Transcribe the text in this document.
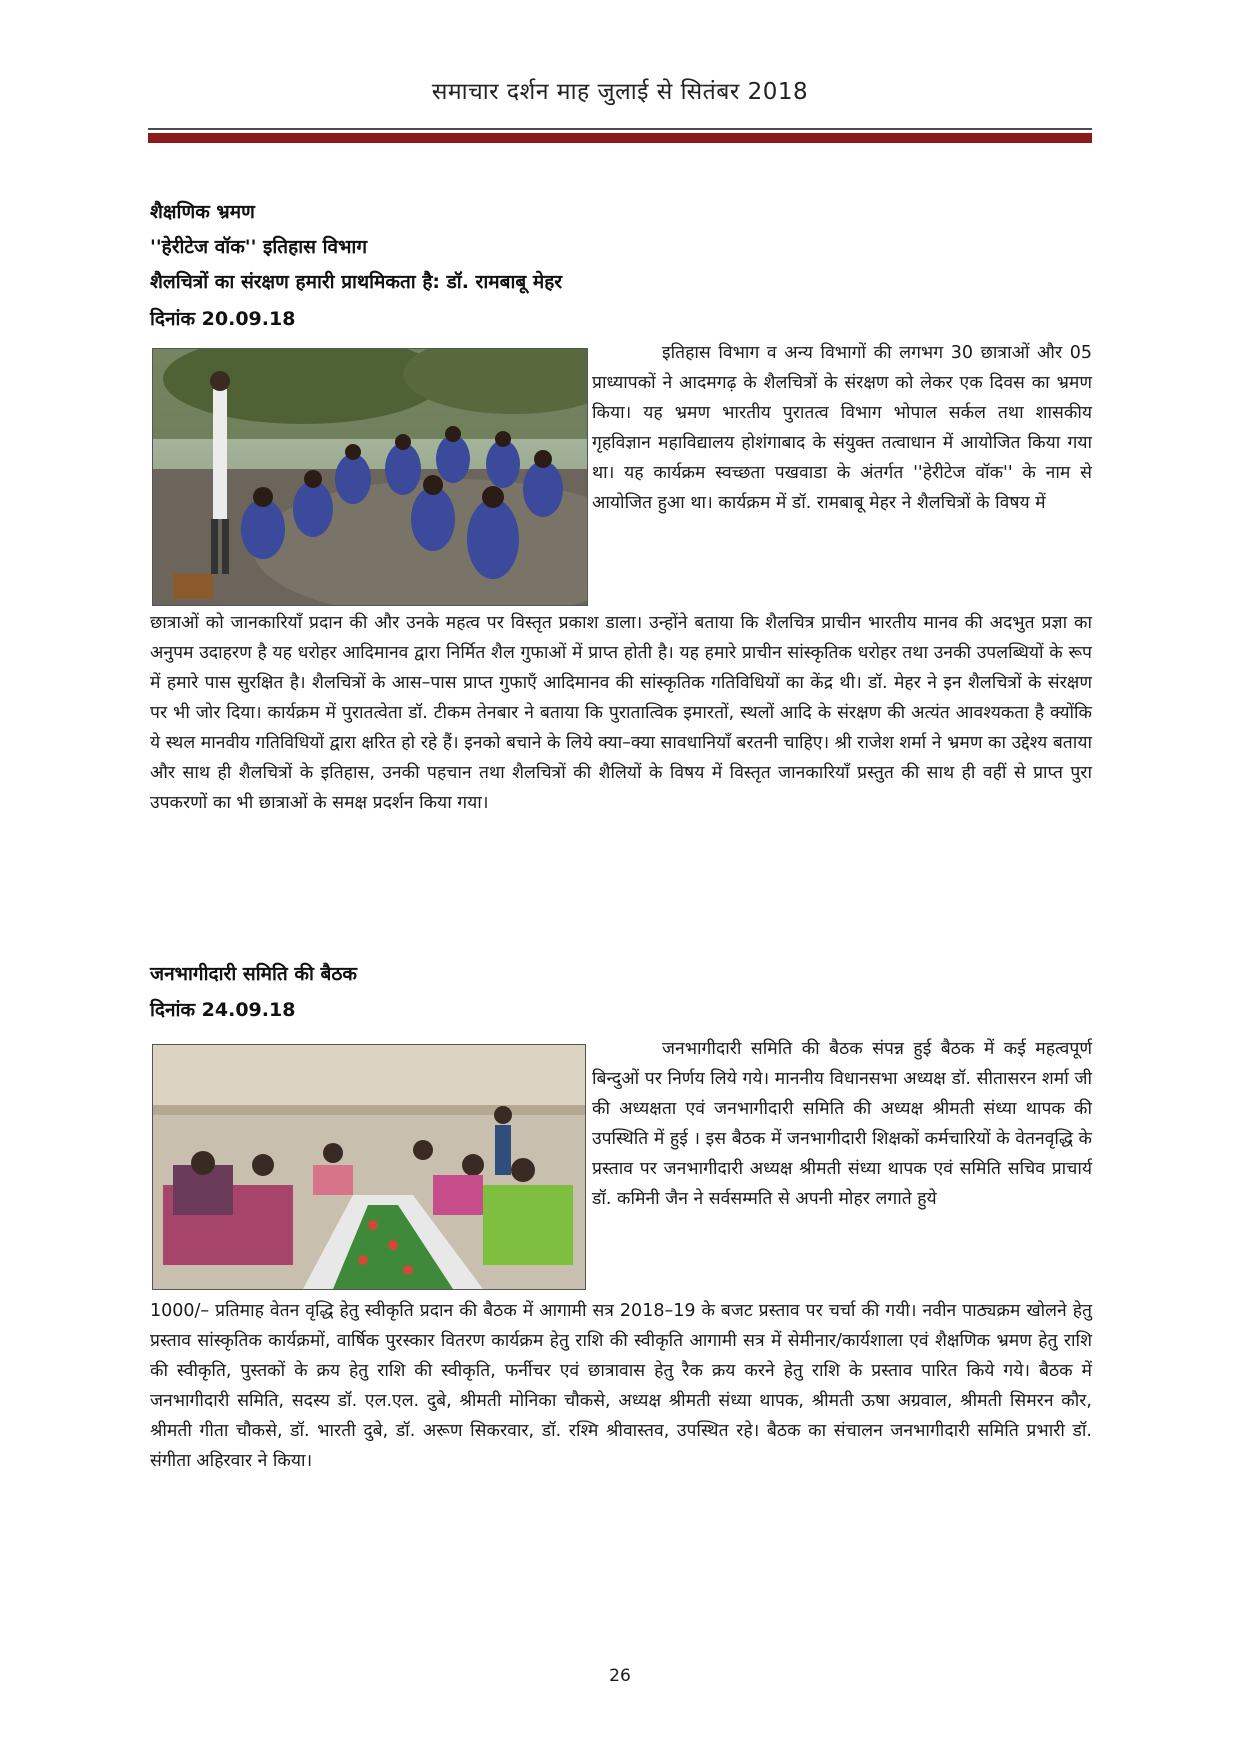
समाचार दर्शन माह जुलाई से सितंबर 2018
शैक्षणिक भ्रमण
''हेरीटेज वॉक'' इतिहास विभाग
शैलचित्रों का संरक्षण हमारी प्राथमिकता है: डॉ. रामबाबू मेहर
दिनांक 20.09.18
इतिहास विभाग व अन्य विभागों की लगभग 30 छात्राओं और 05 प्राध्यापकों ने आदमगढ़ के शैलचित्रों के संरक्षण को लेकर एक दिवस का भ्रमण किया। यह भ्रमण भारतीय पुरातत्व विभाग भोपाल सर्कल तथा शासकीय गृहविज्ञान महाविद्यालय होशंगाबाद के संयुक्त तत्वाधान में आयोजित किया गया था। यह कार्यक्रम स्वच्छता पखवाडा के अंतर्गत ''हेरीटेज वॉक'' के नाम से आयोजित हुआ था। कार्यक्रम में डॉ. रामबाबू मेहर ने शैलचित्रों के विषय में
छात्राओं को जानकारियाँ प्रदान की और उनके महत्व पर विस्तृत प्रकाश डाला। उन्होंने बताया कि शैलचित्र प्राचीन भारतीय मानव की अदभुत प्रज्ञा का अनुपम उदाहरण है यह धरोहर आदिमानव द्वारा निर्मित शैल गुफाओं में प्राप्त होती है। यह हमारे प्राचीन सांस्कृतिक धरोहर तथा उनकी उपलब्धियों के रूप में हमारे पास सुरक्षित है। शैलचित्रों के आस–पास प्राप्त गुफाएँ आदिमानव की सांस्कृतिक गतिविधियों का केंद्र थी। डॉ. मेहर ने इन शैलचित्रों के संरक्षण पर भी जोर दिया। कार्यक्रम में पुरातत्वेता डॉ. टीकम तेनबार ने बताया कि पुरातात्विक इमारतों, स्थलों आदि के संरक्षण की अत्यंत आवश्यकता है क्योंकि ये स्थल मानवीय गतिविधियों द्वारा क्षरित हो रहे हैं। इनको बचाने के लिये क्या–क्या सावधानियाँ बरतनी चाहिए। श्री राजेश शर्मा ने भ्रमण का उद्देश्य बताया और साथ ही शैलचित्रों के इतिहास, उनकी पहचान तथा शैलचित्रों की शैलियों के विषय में विस्तृत जानकारियाँ प्रस्तुत की साथ ही वहीं से प्राप्त पुरा उपकरणों का भी छात्राओं के समक्ष प्रदर्शन किया गया।
जनभागीदारी समिति की बैठक
दिनांक 24.09.18
जनभागीदारी समिति की बैठक संपन्न हुई बैठक में कई महत्वपूर्ण बिन्दुओं पर निर्णय लिये गये। माननीय विधानसभा अध्यक्ष डॉ. सीतासरन शर्मा जी की अध्यक्षता एवं जनभागीदारी समिति की अध्यक्ष श्रीमती संध्या थापक की उपस्थिति में हुई । इस बैठक में जनभागीदारी शिक्षकों कर्मचारियों के वेतनवृद्धि के प्रस्ताव पर जनभागीदारी अध्यक्ष श्रीमती संध्या थापक एवं समिति सचिव प्राचार्य डॉ. कमिनी जैन ने सर्वसम्मति से अपनी मोहर लगाते हुये
1000/– प्रतिमाह वेतन वृद्धि हेतु स्वीकृति प्रदान की बैठक में आगामी सत्र 2018–19 के बजट प्रस्ताव पर चर्चा की गयी। नवीन पाठ्यक्रम खोलने हेतु प्रस्ताव सांस्कृतिक कार्यक्रमों, वार्षिक पुरस्कार वितरण कार्यक्रम हेतु राशि की स्वीकृति आगामी सत्र में सेमीनार/कार्यशाला एवं शैक्षणिक भ्रमण हेतु राशि की स्वीकृति, पुस्तकों के क्रय हेतु राशि की स्वीकृति, फर्नीचर एवं छात्रावास हेतु रैक क्रय करने हेतु राशि के प्रस्ताव पारित किये गये। बैठक में जनभागीदारी समिति, सदस्य डॉ. एल.एल. दुबे, श्रीमती मोनिका चौकसे, अध्यक्ष श्रीमती संध्या थापक, श्रीमती ऊषा अग्रवाल, श्रीमती सिमरन कौर, श्रीमती गीता चौकसे, डॉ. भारती दुबे, डॉ. अरूण सिकरवार, डॉ. रश्मि श्रीवास्तव, उपस्थित रहे। बैठक का संचालन जनभागीदारी समिति प्रभारी डॉ. संगीता अहिरवार ने किया।
26
